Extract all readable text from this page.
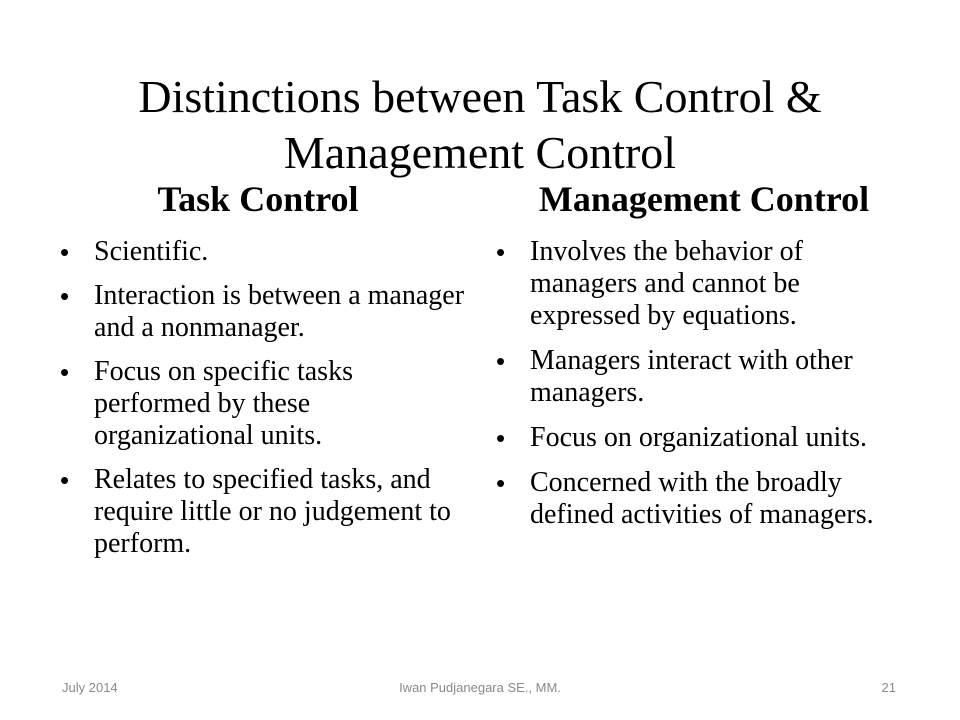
Distinctions between Task Control &
Management Control
Task Control
• Scientific.
• Interaction is between a manager and a nonmanager.
• Focus on specific tasks performed by these organizational units.
• Relates to specified tasks, and require little or no judgement to perform.
Management Control
• Involves the behavior of managers and cannot be expressed by equations.
• Managers interact with other managers.
• Focus on organizational units.
• Concerned with the broadly defined activities of managers.
July 2014	Iwan Pudjanegara SE., MM.	21
